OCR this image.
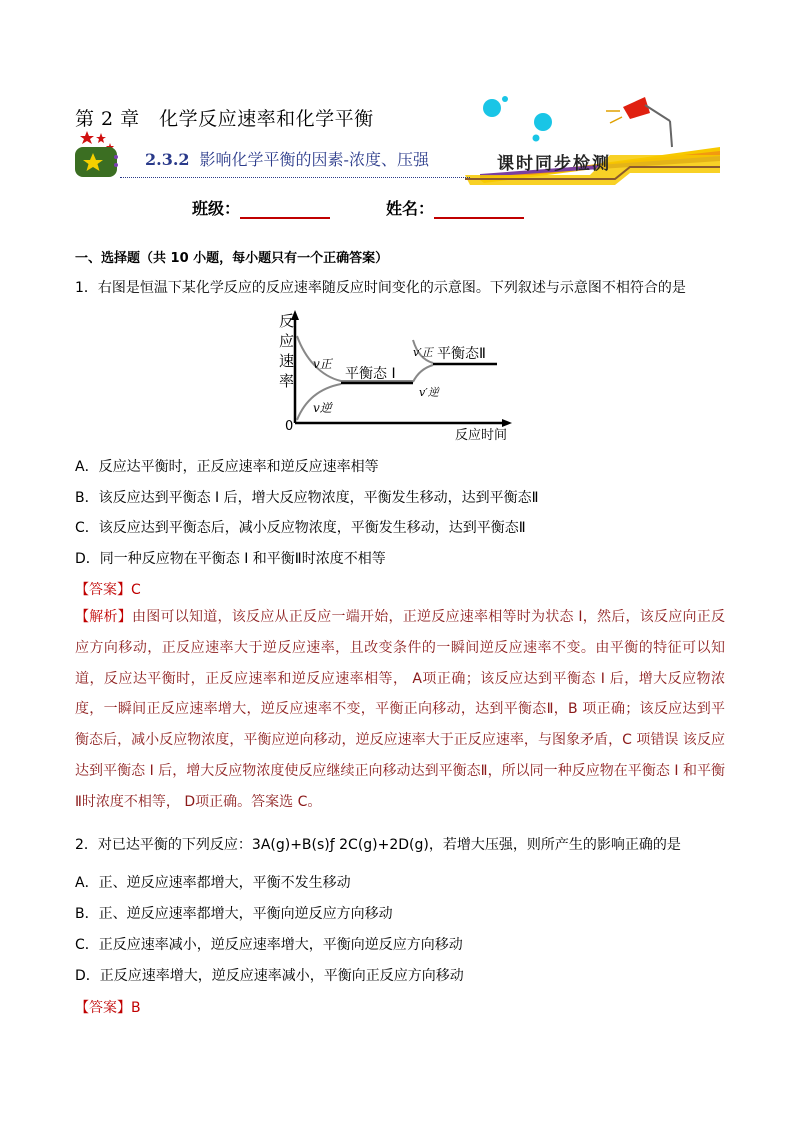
第 2 章　化学反应速率和化学平衡
2.3.2 影响化学平衡的因素-浓度、压强	课时同步检测
班级：	姓名：
一、选择题（共 10 小题，每小题只有一个正确答案）
1．右图是恒温下某化学反应的反应速率随反应时间变化的示意图。下列叙述与示意图不相符合的是
反
应
速
率
0
反应时间
v正
v逆
平衡态 I
v′正
v′逆
平衡态Ⅱ
A．反应达平衡时，正反应速率和逆反应速率相等
B．该反应达到平衡态 I 后，增大反应物浓度，平衡发生移动，达到平衡态Ⅱ
C．该反应达到平衡态后，减小反应物浓度，平衡发生移动，达到平衡态Ⅱ
D．同一种反应物在平衡态 I 和平衡Ⅱ时浓度不相等
【答案】C
【解析】由图可以知道，该反应从正反应一端开始，正逆反应速率相等时为状态 I，然后，该反应向正反应方向移动，正反应速率大于逆反应速率，且改变条件的一瞬间逆反应速率不变。由平衡的特征可以知道，反应达平衡时，正反应速率和逆反应速率相等， A项正确；该反应达到平衡态 I 后，增大反应物浓度，一瞬间正反应速率增大，逆反应速率不变，平衡正向移动，达到平衡态Ⅱ，B 项正确；该反应达到平衡态后，减小反应物浓度，平衡应逆向移动，逆反应速率大于正反应速率，与图象矛盾，C 项错误 该反应达到平衡态 I 后，增大反应物浓度使反应继续正向移动达到平衡态Ⅱ，所以同一种反应物在平衡态 I 和平衡Ⅱ时浓度不相等， D项正确。答案选 C。
2．对已达平衡的下列反应：3A(g)+B(s)ƒ 2C(g)+2D(g)，若增大压强，则所产生的影响正确的是
A．正、逆反应速率都增大，平衡不发生移动
B．正、逆反应速率都增大，平衡向逆反应方向移动
C．正反应速率减小，逆反应速率增大，平衡向逆反应方向移动
D．正反应速率增大，逆反应速率减小，平衡向正反应方向移动
【答案】B
